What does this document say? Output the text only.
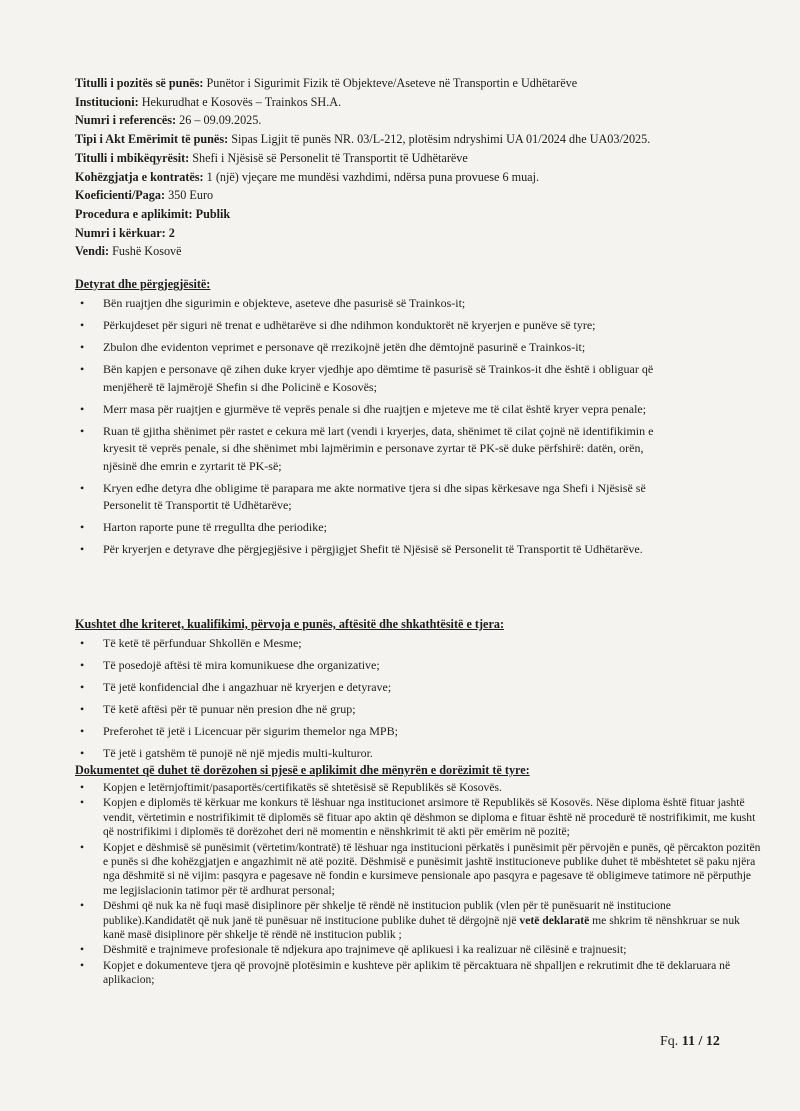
Titulli i pozitës së punës: Punëtor i Sigurimit Fizik të Objekteve/Aseteve në Transportin e Udhëtarëve
Institucioni: Hekurudhat e Kosovës – Trainkos SH.A.
Numri i referencës: 26 – 09.09.2025.
Tipi i Akt Emërimit të punës: Sipas Ligjit të punës NR. 03/L-212, plotësim ndryshimi UA 01/2024 dhe UA03/2025.
Titulli i mbikëqyrësit: Shefi i Njësisë së Personelit të Transportit të Udhëtarëve
Kohëzgjatja e kontratës: 1 (një) vjeçare me mundësi vazhdimi, ndërsa puna provuese 6 muaj.
Koeficienti/Paga: 350 Euro
Procedura e aplikimit: Publik
Numri i kërkuar: 2
Vendi: Fushë Kosovë

Detyrat dhe përgjegjësitë:

• Bën ruajtjen dhe sigurimin e objekteve, aseteve dhe pasurisë së Trainkos-it;
• Përkujdeset për siguri në trenat e udhëtarëve si dhe ndihmon konduktorët në kryerjen e punëve së tyre;
• Zbulon dhe evidenton veprimet e personave që rrezikojnë jetën dhe dëmtojnë pasurinë e Trainkos-it;
• Bën kapjen e personave që zihen duke kryer vjedhje apo dëmtime të pasurisë së Trainkos-it dhe është i obliguar që menjëherë të lajmërojë Shefin si dhe Policinë e Kosovës;
• Merr masa për ruajtjen e gjurmëve të veprës penale si dhe ruajtjen e mjeteve me të cilat është kryer vepra penale;
• Ruan të gjitha shënimet për rastet e cekura më lart (vendi i kryerjes, data, shënimet të cilat çojnë në identifikimin e kryesit të veprës penale, si dhe shënimet mbi lajmërimin e personave zyrtar të PK-së duke përfshirë: datën, orën, njësinë dhe emrin e zyrtarit të PK-së;
• Kryen edhe detyra dhe obligime të parapara me akte normative tjera si dhe sipas kërkesave nga Shefi i Njësisë së Personelit të Transportit të Udhëtarëve;
• Harton raporte pune të rregullta dhe periodike;
• Për kryerjen e detyrave dhe përgjegjësive i përgjigjet Shefit të Njësisë së Personelit të Transportit të Udhëtarëve.

Kushtet dhe kriteret, kualifikimi, përvoja e punës, aftësitë dhe shkathtësitë e tjera:

• Të ketë të përfunduar Shkollën e Mesme;
• Të posedojë aftësi të mira komunikuese dhe organizative;
• Të jetë konfidencial dhe i angazhuar në kryerjen e detyrave;
• Të ketë aftësi për të punuar nën presion dhe në grup;
• Preferohet të jetë i Licencuar për sigurim themelor nga MPB;
• Të jetë i gatshëm të punojë në një mjedis multi-kulturor.

Dokumentet që duhet të dorëzohen si pjesë e aplikimit dhe mënyrën e dorëzimit të tyre:

• Kopjen e letërnjoftimit/pasaportës/certifikatës së shtetësisë së Republikës së Kosovës.
• Kopjen e diplomës të kërkuar me konkurs të lëshuar nga institucionet arsimore të Republikës së Kosovës. Nëse diploma është fituar jashtë vendit, vërtetimin e nostrifikimit të diplomës së fituar apo aktin që dëshmon se diploma e fituar është në procedurë të nostrifikimit, me kusht që nostrifikimi i diplomës të dorëzohet deri në momentin e nënshkrimit të akti për emërim në pozitë;
• Kopjet e dëshmisë së punësimit (vërtetim/kontratë) të lëshuar nga institucioni përkatës i punësimit për përvojën e punës, që përcakton pozitën e punës si dhe kohëzgjatjen e angazhimit në atë pozitë. Dëshmisë e punësimit jashtë institucioneve publike duhet të mbështetet së paku njëra nga dëshmitë si në vijim: pasqyra e pagesave në fondin e kursimeve pensionale apo pasqyra e pagesave të obligimeve tatimore në përputhje me legjislacionin tatimor për të ardhurat personal;
• Dëshmi që nuk ka në fuqi masë disiplinore për shkelje të rëndë në institucion publik (vlen për të punësuarit në institucione publike).Kandidatët që nuk janë të punësuar në institucione publike duhet të dërgojnë një vetë deklaratë me shkrim të nënshkruar se nuk kanë masë disiplinore për shkelje të rëndë në institucion publik ;
• Dëshmitë e trajnimeve profesionale të ndjekura apo trajnimeve që aplikuesi i ka realizuar në cilësinë e trajnuesit;
• Kopjet e dokumenteve tjera që provojnë plotësimin e kushteve për aplikim të përcaktuara në shpalljen e rekrutimit dhe të deklaruara në aplikacion;
Fq. 11 / 12
